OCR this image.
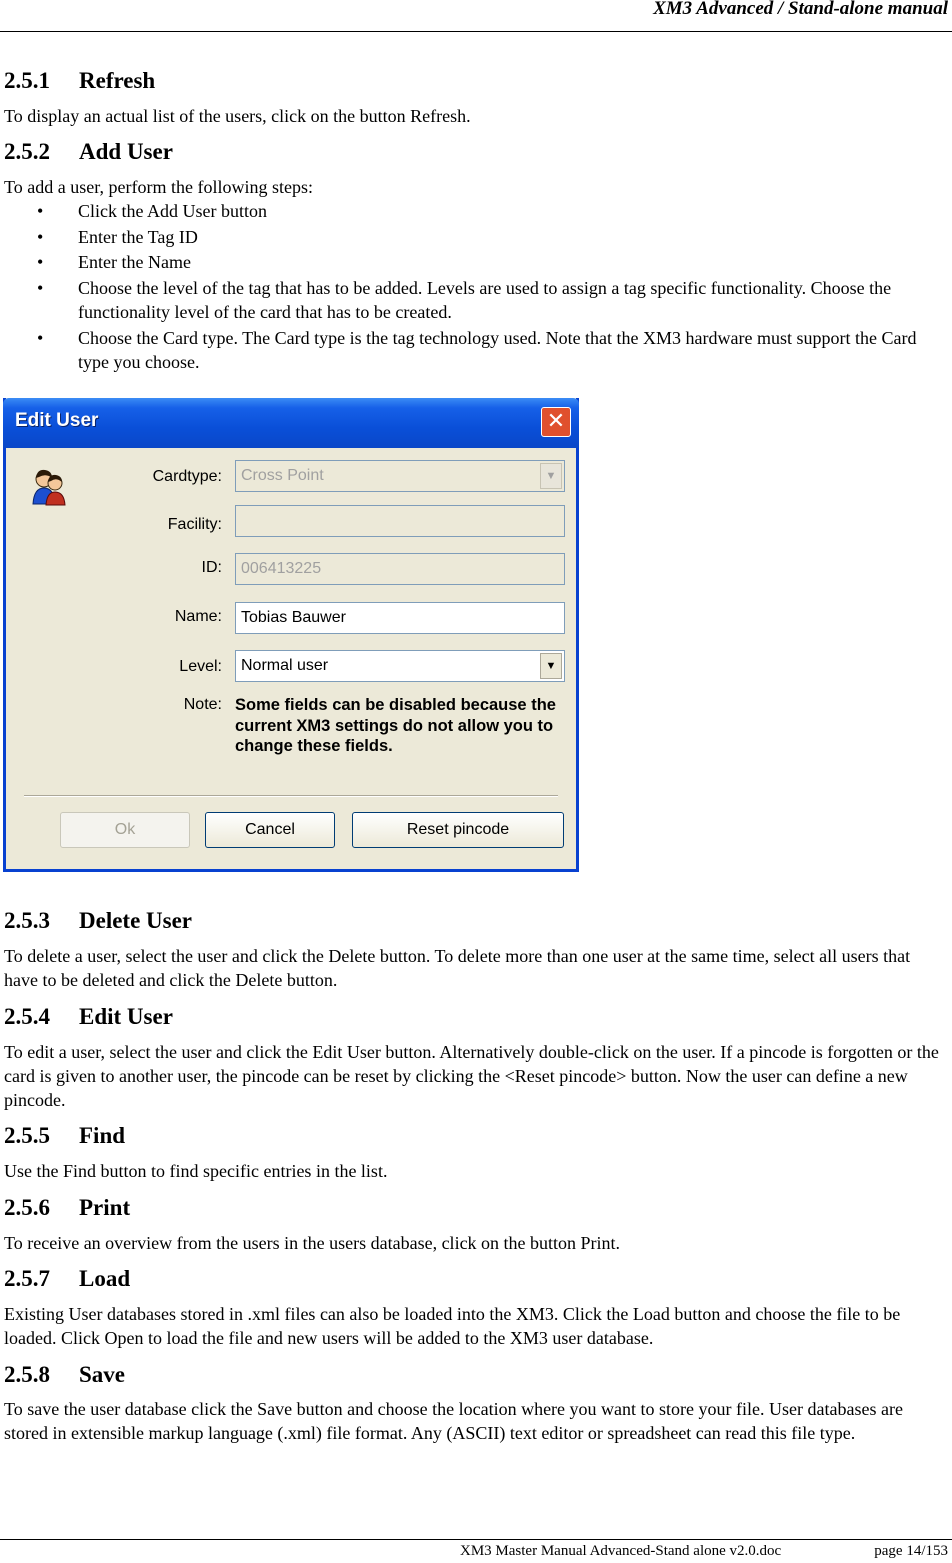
XM3 Advanced / Stand-alone manual
2.5.1 Refresh
To display an actual list of the users, click on the button Refresh.
2.5.2 Add User
To add a user, perform the following steps:
• Click the Add User button
• Enter the Tag ID
• Enter the Name
• Choose the level of the tag that has to be added. Levels are used to assign a tag specific functionality. Choose the functionality level of the card that has to be created.
• Choose the Card type. The Card type is the tag technology used. Note that the XM3 hardware must support the Card type you choose.
Edit User	✕
Cardtype:	Cross Point	▼
Facility:
ID:	006413225
Name:	Tobias Bauwer
Level:	Normal user	▼
Note: Some fields can be disabled because the current XM3 settings do not allow you to change these fields.
Ok	Cancel	Reset pincode
2.5.3 Delete User
To delete a user, select the user and click the Delete button. To delete more than one user at the same time, select all users that have to be deleted and click the Delete button.
2.5.4 Edit User
To edit a user, select the user and click the Edit User button. Alternatively double-click on the user. If a pincode is forgotten or the card is given to another user, the pincode can be reset by clicking the <Reset pincode> button. Now the user can define a new pincode.
2.5.5 Find
Use the Find button to find specific entries in the list.
2.5.6 Print
To receive an overview from the users in the users database, click on the button Print.
2.5.7 Load
Existing User databases stored in .xml files can also be loaded into the XM3. Click the Load button and choose the file to be loaded. Click Open to load the file and new users will be added to the XM3 user database.
2.5.8 Save
To save the user database click the Save button and choose the location where you want to store your file. User databases are stored in extensible markup language (.xml) file format. Any (ASCII) text editor or spreadsheet can read this file type.
XM3 Master Manual Advanced-Stand alone v2.0.doc	page 14/153
